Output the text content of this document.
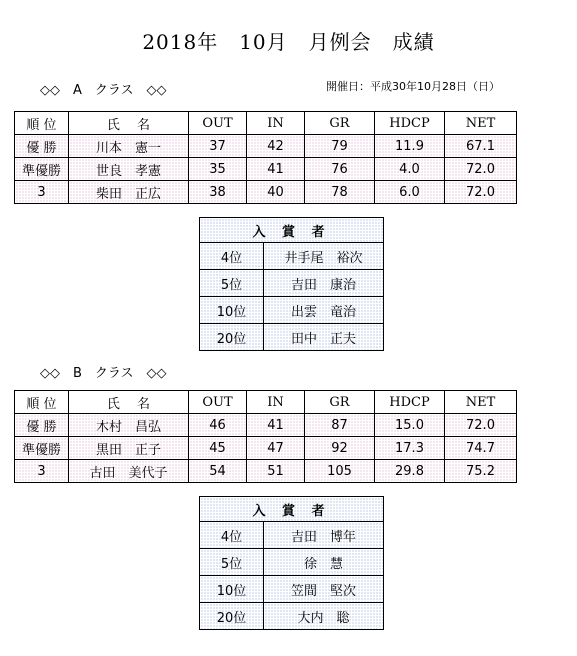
2018年　10月　月例会　成績
◇◇　A　クラス　◇◇	開催日：平成30年10月28日（日）
順 位	氏　 名	OUT	IN	GR	HDCP	NET
優 勝	川本　憲一	37	42	79	11.9	67.1
準優勝	世良　孝憲	35	41	76	4.0	72.0
3	柴田　正広	38	40	78	6.0	72.0
入 賞 者	
4位	井手尾　裕次
5位	吉田　康治
10位	出雲　竜治
20位	田中　正夫
◇◇　B　クラス　◇◇
順 位	氏　 名	OUT	IN	GR	HDCP	NET
優 勝	木村　昌弘	46	41	87	15.0	72.0
準優勝	黒田　正子	45	47	92	17.3	74.7
3	古田　美代子	54	51	105	29.8	75.2
入 賞 者	
4位	吉田　博年
5位	徐　慧
10位	笠間　堅次
20位	大内　聡
